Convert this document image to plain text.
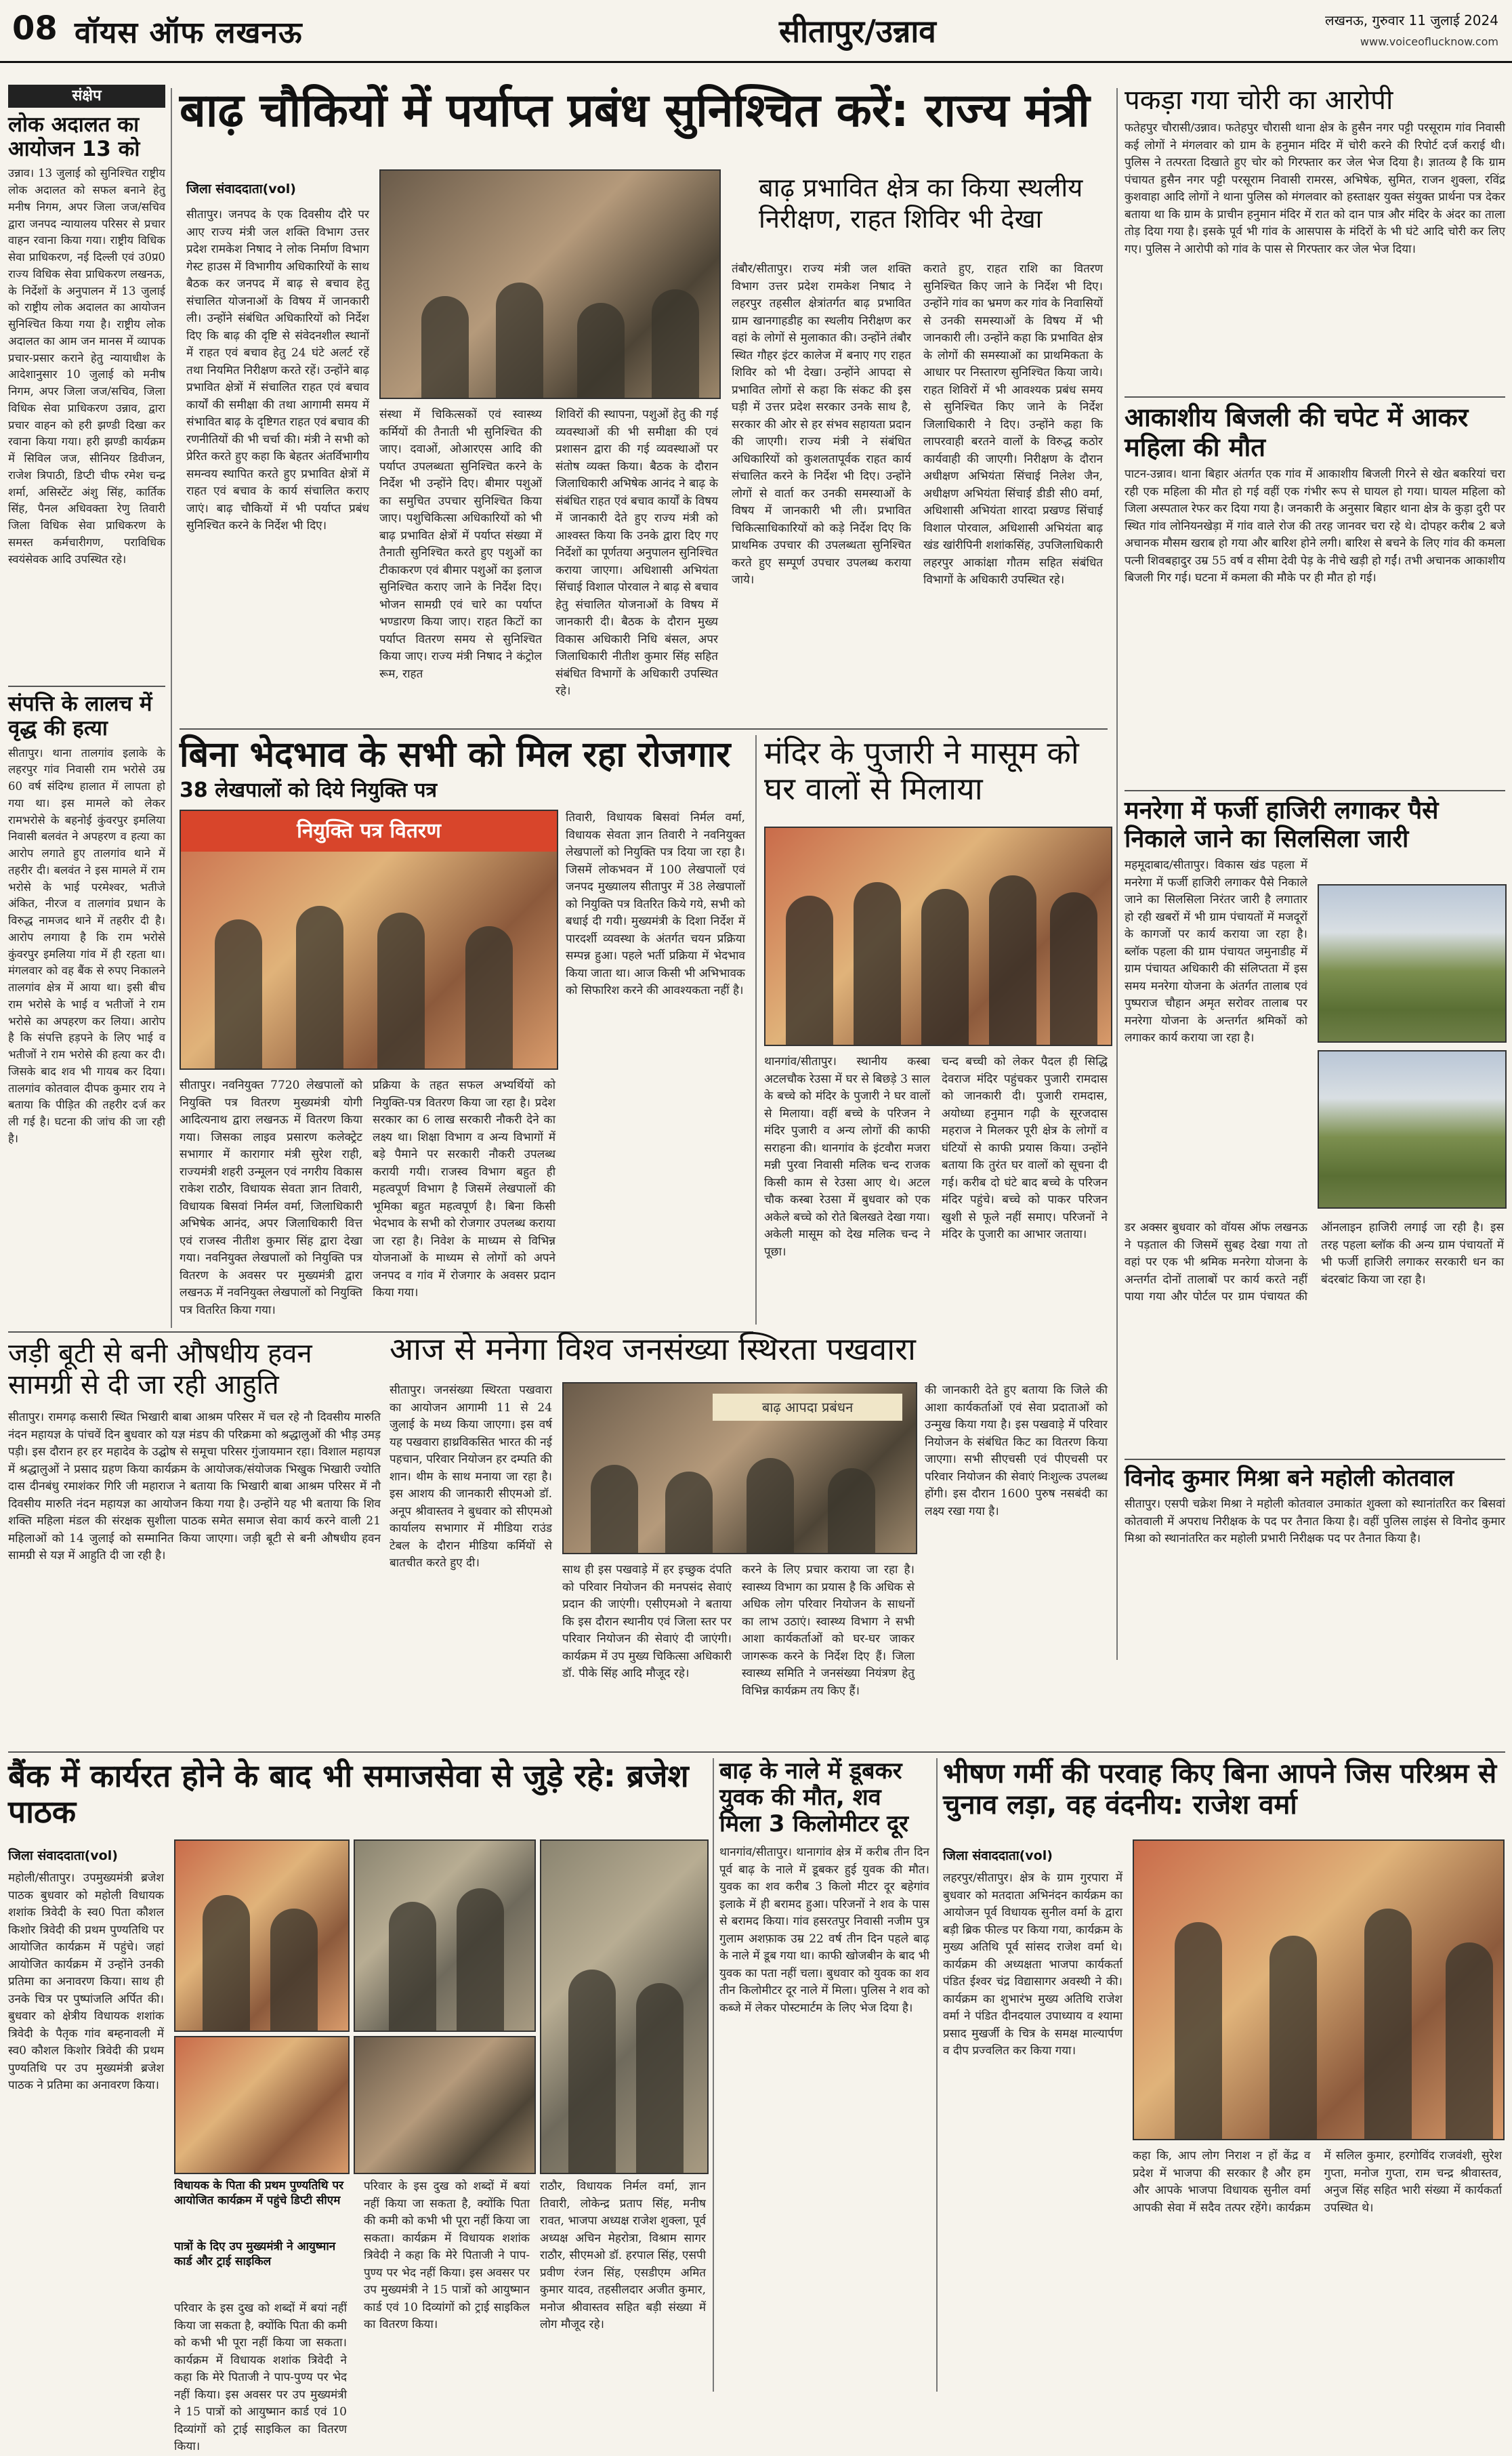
08 वॉयस ऑफ लखनऊ	सीतापुर/उन्नाव	लखनऊ, गुरुवार 11 जुलाई 2024
www.voiceoflucknow.com
संक्षेप
लोक अदालत का आयोजन 13 को
उन्नाव। 13 जुलाई को सुनिश्चित राष्ट्रीय लोक अदालत को सफल बनाने हेतु मनीष निगम, अपर जिला जज/सचिव द्वारा जनपद न्यायालय परिसर से प्रचार वाहन रवाना किया गया। राष्ट्रीय विधिक सेवा प्राधिकरण, नई दिल्ली एवं उ0प्र0 राज्य विधिक सेवा प्राधिकरण लखनऊ, के निर्देशों के अनुपालन में 13 जुलाई को राष्ट्रीय लोक अदालत का आयोजन सुनिश्चित किया गया है। राष्ट्रीय लोक अदालत का आम जन मानस में व्यापक प्रचार-प्रसार कराने हेतु न्यायाधीश के आदेशानुसार 10 जुलाई को मनीष निगम, अपर जिला जज/सचिव, जिला विधिक सेवा प्राधिकरण उन्नाव, द्वारा प्रचार वाहन को हरी झण्डी दिखा कर रवाना किया गया। हरी झण्डी कार्यक्रम में सिविल जज, सीनियर डिवीजन, राजेश त्रिपाठी, डिप्टी चीफ रमेश चन्द्र शर्मा, असिस्टेंट अंशु सिंह, कार्तिक सिंह, पैनल अधिवक्ता रेणु तिवारी जिला विधिक सेवा प्राधिकरण के समस्त कर्मचारीगण, पराविधिक स्वयंसेवक आदि उपस्थित रहे।
संपत्ति के लालच में वृद्ध की हत्या
सीतापुर। थाना तालगांव इलाके के लहरपुर गांव निवासी राम भरोसे उम्र 60 वर्ष संदिग्ध हालात में लापता हो गया था। इस मामले को लेकर रामभरोसे के बहनोई कुंवरपुर इमलिया निवासी बलवंत ने अपहरण व हत्या का आरोप लगाते हुए तालगांव थाने में तहरीर दी। बलवंत ने इस मामले में राम भरोसे के भाई परमेश्वर, भतीजे अंकित, नीरज व तालगांव प्रधान के विरुद्ध नामजद थाने में तहरीर दी है। आरोप लगाया है कि राम भरोसे कुंवरपुर इमलिया गांव में ही रहता था। मंगलवार को वह बैंक से रुपए निकालने तालगांव क्षेत्र में आया था। इसी बीच राम भरोसे के भाई व भतीजों ने राम भरोसे का अपहरण कर लिया। आरोप है कि संपत्ति हड़पने के लिए भाई व भतीजों ने राम भरोसे की हत्या कर दी। जिसके बाद शव भी गायब कर दिया। तालगांव कोतवाल दीपक कुमार राय ने बताया कि पीड़ित की तहरीर दर्ज कर ली गई है। घटना की जांच की जा रही है।
बाढ़ चौकियों में पर्याप्त प्रबंध सुनिश्चित करें: राज्य मंत्री
जिला संवाददाता(vol)	बाढ़ प्रभावित क्षेत्र का किया स्थलीय निरीक्षण, राहत शिविर भी देखा
सीतापुर। जनपद के एक दिवसीय दौरे पर आए राज्य मंत्री जल शक्ति विभाग उत्तर प्रदेश रामकेश निषाद ने लोक निर्माण विभाग गेस्ट हाउस में विभागीय अधिकारियों के साथ बैठक कर जनपद में बाढ़ से बचाव हेतु संचालित योजनाओं के विषय में जानकारी ली। उन्होंने संबंधित अधिकारियों को निर्देश दिए कि बाढ़ की दृष्टि से संवेदनशील स्थानों में राहत एवं बचाव हेतु 24 घंटे अलर्ट रहें तथा नियमित निरीक्षण करते रहें। उन्होंने बाढ़ प्रभावित क्षेत्रों में संचालित राहत एवं बचाव कार्यों की समीक्षा की तथा आगामी समय में संभावित बाढ़ के दृष्टिगत राहत एवं बचाव की रणनीतियों की भी चर्चा की। मंत्री ने सभी को प्रेरित करते हुए कहा कि बेहतर अंतर्विभागीय समन्वय स्थापित करते हुए प्रभावित क्षेत्रों में राहत एवं बचाव के कार्य संचालित कराए जाएं। बाढ़ चौकियों में भी पर्याप्त प्रबंध सुनिश्चित करने के निर्देश भी दिए।
संस्था में चिकित्सकों एवं स्वास्थ्य कर्मियों की तैनाती भी सुनिश्चित की जाए। दवाओं, ओआरएस आदि की पर्याप्त उपलब्धता सुनिश्चित करने के निर्देश भी उन्होंने दिए। बीमार पशुओं का समुचित उपचार सुनिश्चित किया जाए। पशुचिकित्सा अधिकारियों को भी बाढ़ प्रभावित क्षेत्रों में पर्याप्त संख्या में तैनाती सुनिश्चित करते हुए पशुओं का टीकाकरण एवं बीमार पशुओं का इलाज सुनिश्चित कराए जाने के निर्देश दिए। भोजन सामग्री एवं चारे का पर्याप्त भण्डारण किया जाए। राहत किटों का पर्याप्त वितरण समय से सुनिश्चित किया जाए। राज्य मंत्री निषाद ने कंट्रोल रूम, राहत
शिविरों की स्थापना, पशुओं हेतु की गई व्यवस्थाओं की भी समीक्षा की एवं प्रशासन द्वारा की गई व्यवस्थाओं पर संतोष व्यक्त किया। बैठक के दौरान जिलाधिकारी अभिषेक आनंद ने बाढ़ के संबंधित राहत एवं बचाव कार्यों के विषय में जानकारी देते हुए राज्य मंत्री को आश्वस्त किया कि उनके द्वारा दिए गए निर्देशों का पूर्णतया अनुपालन सुनिश्चित कराया जाएगा। अधिशासी अभियंता सिंचाई विशाल पोरवाल ने बाढ़ से बचाव हेतु संचालित योजनाओं के विषय में जानकारी दी। बैठक के दौरान मुख्य विकास अधिकारी निधि बंसल, अपर जिलाधिकारी नीतीश कुमार सिंह सहित संबंधित विभागों के अधिकारी उपस्थित रहे।
तंबौर/सीतापुर। राज्य मंत्री जल शक्ति विभाग उत्तर प्रदेश रामकेश निषाद ने लहरपुर तहसील क्षेत्रांतर्गत बाढ़ प्रभावित ग्राम खानगाहडीह का स्थलीय निरीक्षण कर वहां के लोगों से मुलाकात की। उन्होंने तंबौर स्थित गौहर इंटर कालेज में बनाए गए राहत शिविर को भी देखा। उन्होंने आपदा से प्रभावित लोगों से कहा कि संकट की इस घड़ी में उत्तर प्रदेश सरकार उनके साथ है, सरकार की ओर से हर संभव सहायता प्रदान की जाएगी। राज्य मंत्री ने संबंधित अधिकारियों को कुशलतापूर्वक राहत कार्य संचालित करने के निर्देश भी दिए। उन्होंने लोगों से वार्ता कर उनकी समस्याओं के विषय में जानकारी भी ली। प्रभावित चिकित्साधिकारियों को कड़े निर्देश दिए कि प्राथमिक उपचार की उपलब्धता सुनिश्चित करते हुए सम्पूर्ण उपचार उपलब्ध कराया जाये।
कराते हुए, राहत राशि का वितरण सुनिश्चित किए जाने के निर्देश भी दिए। उन्होंने गांव का भ्रमण कर गांव के निवासियों से उनकी समस्याओं के विषय में भी जानकारी ली। उन्होंने कहा कि प्रभावित क्षेत्र के लोगों की समस्याओं का प्राथमिकता के आधार पर निस्तारण सुनिश्चित किया जाये। राहत शिविरों में भी आवश्यक प्रबंध समय से सुनिश्चित किए जाने के निर्देश जिलाधिकारी ने दिए। उन्होंने कहा कि लापरवाही बरतने वालों के विरुद्ध कठोर कार्यवाही की जाएगी। निरीक्षण के दौरान अधीक्षण अभियंता सिंचाई निलेश जैन, अधीक्षण अभियंता सिंचाई डीडी सी0 वर्मा, अधिशासी अभियंता शारदा प्रखण्ड सिंचाई विशाल पोरवाल, अधिशासी अभियंता बाढ़ खंड खांरीपिनी शशांकसिंह, उपजिलाधिकारी लहरपुर आकांक्षा गौतम सहित संबंधित विभागों के अधिकारी उपस्थित रहे।
बिना भेदभाव के सभी को मिल रहा रोजगार
38 लेखपालों को दिये नियुक्ति पत्र
नियुक्ति पत्र वितरण
तिवारी, विधायक बिसवां निर्मल वर्मा, विधायक सेवता ज्ञान तिवारी ने नवनियुक्त लेखपालों को नियुक्ति पत्र दिया जा रहा है। जिसमें लोकभवन में 100 लेखपालों एवं जनपद मुख्यालय सीतापुर में 38 लेखपालों को नियुक्ति पत्र वितरित किये गये, सभी को बधाई दी गयी। मुख्यमंत्री के दिशा निर्देश में पारदर्शी व्यवस्था के अंतर्गत चयन प्रक्रिया सम्पन्न हुआ। पहले भर्ती प्रक्रिया में भेदभाव किया जाता था। आज किसी भी अभिभावक को सिफारिश करने की आवश्यकता नहीं है।
सीतापुर। नवनियुक्त 7720 लेखपालों को नियुक्ति पत्र वितरण मुख्यमंत्री योगी आदित्यनाथ द्वारा लखनऊ में वितरण किया गया। जिसका लाइव प्रसारण कलेक्ट्रेट सभागार में कारागार मंत्री सुरेश राही, राज्यमंत्री शहरी उन्मूलन एवं नगरीय विकास राकेश राठौर, विधायक सेवता ज्ञान तिवारी, विधायक बिसवां निर्मल वर्मा, जिलाधिकारी अभिषेक आनंद, अपर जिलाधिकारी वित्त एवं राजस्व नीतीश कुमार सिंह द्वारा देखा गया। नवनियुक्त लेखपालों को नियुक्ति पत्र वितरण के अवसर पर मुख्यमंत्री द्वारा लखनऊ में नवनियुक्त लेखपालों को नियुक्ति पत्र वितरित किया गया।
प्रक्रिया के तहत सफल अभ्यर्थियों को नियुक्ति-पत्र वितरण किया जा रहा है। प्रदेश सरकार का 6 लाख सरकारी नौकरी देने का लक्ष्य था। शिक्षा विभाग व अन्य विभागों में बड़े पैमाने पर सरकारी नौकरी उपलब्ध करायी गयी। राजस्व विभाग बहुत ही महत्वपूर्ण विभाग है जिसमें लेखपालों की भूमिका बहुत महत्वपूर्ण है। बिना किसी भेदभाव के सभी को रोजगार उपलब्ध कराया जा रहा है। निवेश के माध्यम से विभिन्न योजनाओं के माध्यम से लोगों को अपने जनपद व गांव में रोजगार के अवसर प्रदान किया गया।
मंदिर के पुजारी ने मासूम को घर वालों से मिलाया
थानगांव/सीतापुर। स्थानीय कस्बा अटलचौक रेउसा में घर से बिछड़े 3 साल के बच्चे को मंदिर के पुजारी ने घर वालों से मिलाया। वहीं बच्चे के परिजन ने मंदिर पुजारी व अन्य लोगों की काफी सराहना की। थानगांव के इंटवौरा मजरा मन्नी पुरवा निवासी मलिक चन्द राजक किसी काम से रेउसा आए थे। अटल चौक कस्बा रेउसा में बुधवार को एक अकेले बच्चे को रोते बिलखते देखा गया। अकेली मासूम को देख मलिक चन्द ने पूछा।
चन्द बच्ची को लेकर पैदल ही सिद्धि देवराज मंदिर पहुंचकर पुजारी रामदास को जानकारी दी। पुजारी रामदास, अयोध्या हनुमान गढ़ी के सूरजदास महराज ने मिलकर पूरी क्षेत्र के लोगों व घंटियों से काफी प्रयास किया। उन्होंने बताया कि तुरंत घर वालों को सूचना दी गई। करीब दो घंटे बाद बच्चे के परिजन मंदिर पहुंचे। बच्चे को पाकर परिजन खुशी से फूले नहीं समाए। परिजनों ने मंदिर के पुजारी का आभार जताया।
पकड़ा गया चोरी का आरोपी
फतेहपुर चौरासी/उन्नाव। फतेहपुर चौरासी थाना क्षेत्र के हुसैन नगर पट्टी परसूराम गांव निवासी कई लोगों ने मंगलवार को ग्राम के हनुमान मंदिर में चोरी करने की रिपोर्ट दर्ज कराई थी। पुलिस ने तत्परता दिखाते हुए चोर को गिरफ्तार कर जेल भेज दिया है। ज्ञातव्य है कि ग्राम पंचायत हुसैन नगर पट्टी परसूराम निवासी रामरस, अभिषेक, सुमित, राजन शुक्ला, रविंद्र कुशवाहा आदि लोगों ने थाना पुलिस को मंगलवार को हस्ताक्षर युक्त संयुक्त प्रार्थना पत्र देकर बताया था कि ग्राम के प्राचीन हनुमान मंदिर में रात को दान पात्र और मंदिर के अंदर का ताला तोड़ दिया गया है। इसके पूर्व भी गांव के आसपास के मंदिरों के भी घंटे आदि चोरी कर लिए गए। पुलिस ने आरोपी को गांव के पास से गिरफ्तार कर जेल भेज दिया।
आकाशीय बिजली की चपेट में आकर महिला की मौत
पाटन-उन्नाव। थाना बिहार अंतर्गत एक गांव में आकाशीय बिजली गिरने से खेत बकरियां चरा रही एक महिला की मौत हो गई वहीं एक गंभीर रूप से घायल हो गया। घायल महिला को जिला अस्पताल रेफर कर दिया गया है। जनकारी के अनुसार बिहार थाना क्षेत्र के कुड़ा दुरी पर स्थित गांव लोनियनखेड़ा में गांव वाले रोज की तरह जानवर चरा रहे थे। दोपहर करीब 2 बजे अचानक मौसम खराब हो गया और बारिश होने लगी। बारिश से बचने के लिए गांव की कमला पत्नी शिवबहादुर उम्र 55 वर्ष व सीमा देवी पेड़ के नीचे खड़ी हो गईं। तभी अचानक आकाशीय बिजली गिर गई। घटना में कमला की मौके पर ही मौत हो गई।
मनरेगा में फर्जी हाजिरी लगाकर पैसे निकाले जाने का सिलसिला जारी
महमूदाबाद/सीतापुर। विकास खंड पहला में मनरेगा में फर्जी हाजिरी लगाकर पैसे निकाले जाने का सिलसिला निरंतर जारी है लगातार हो रही खबरों में भी ग्राम पंचायतों में मजदूरों के कागजों पर कार्य कराया जा रहा है। ब्लॉक पहला की ग्राम पंचायत जमुनाडीह में ग्राम पंचायत अधिकारी की संलिप्तता में इस समय मनरेगा योजना के अंतर्गत तालाब एवं पुष्पराज चौहान अमृत सरोवर तालाब पर मनरेगा योजना के अन्तर्गत श्रमिकों को लगाकर कार्य कराया जा रहा है।
डर अक्सर बुधवार को वॉयस ऑफ लखनऊ ने पड़ताल की जिसमें सुबह देखा गया तो वहां पर एक भी श्रमिक मनरेगा योजना के अन्तर्गत दोनों तालाबों पर कार्य करते नहीं पाया गया और पोर्टल पर ग्राम पंचायत की ऑनलाइन हाजिरी लगाई जा रही है। इस तरह पहला ब्लॉक की अन्य ग्राम पंचायतों में भी फर्जी हाजिरी लगाकर सरकारी धन का बंदरबांट किया जा रहा है।
विनोद कुमार मिश्रा बने महोली कोतवाल
सीतापुर। एसपी चक्रेश मिश्रा ने महोली कोतवाल उमाकांत शुक्ला को स्थानांतरित कर बिसवां कोतवाली में अपराध निरीक्षक के पद पर तैनात किया है। वहीं पुलिस लाइंस से विनोद कुमार मिश्रा को स्थानांतरित कर महोली प्रभारी निरीक्षक पद पर तैनात किया है।
जड़ी बूटी से बनी औषधीय हवन सामग्री से दी जा रही आहुति
सीतापुर। रामगढ़ कसारी स्थित भिखारी बाबा आश्रम परिसर में चल रहे नौ दिवसीय मारुति नंदन महायज्ञ के पांचवें दिन बुधवार को यज्ञ मंडप की परिक्रमा को श्रद्धालुओं की भीड़ उमड़ पड़ी। इस दौरान हर हर महादेव के उद्घोष से समूचा परिसर गुंजायमान रहा। विशाल महायज्ञ में श्रद्धालुओं ने प्रसाद ग्रहण किया कार्यक्रम के आयोजक/संयोजक भिखुक भिखारी ज्योति दास दीनबंधु रमाशंकर गिरि जी महाराज ने बताया कि भिखारी बाबा आश्रम परिसर में नौ दिवसीय मारुति नंदन महायज्ञ का आयोजन किया गया है। उन्होंने यह भी बताया कि शिव शक्ति महिला मंडल की संरक्षक सुशीला पाठक समेत समाज सेवा कार्य करने वाली 21 महिलाओं को 14 जुलाई को सम्मानित किया जाएगा। जड़ी बूटी से बनी औषधीय हवन सामग्री से यज्ञ में आहुति दी जा रही है।
आज से मनेगा विश्व जनसंख्या स्थिरता पखवारा
सीतापुर। जनसंख्या स्थिरता पखवारा का आयोजन आगामी 11 से 24 जुलाई के मध्य किया जाएगा। इस वर्ष यह पखवारा हाथ्रविकसित भारत की नई पहचान, परिवार नियोजन हर दम्पति की शान। थीम के साथ मनाया जा रहा है। इस आशय की जानकारी सीएमओ डॉ. अनूप श्रीवास्तव ने बुधवार को सीएमओ कार्यालय सभागार में मीडिया राउंड टेबल के दौरान मीडिया कर्मियों से बातचीत करते हुए दी।
बाढ़ आपदा प्रबंधन
साथ ही इस पखवाड़े में हर इच्छुक दंपति को परिवार नियोजन की मनपसंद सेवाएं प्रदान की जाएंगी। एसीएमओ ने बताया कि इस दौरान स्थानीय एवं जिला स्तर पर परिवार नियोजन की सेवाएं दी जाएंगी। कार्यक्रम में उप मुख्य चिकित्सा अधिकारी डॉ. पीके सिंह आदि मौजूद रहे।
करने के लिए प्रचार कराया जा रहा है। स्वास्थ्य विभाग का प्रयास है कि अधिक से अधिक लोग परिवार नियोजन के साधनों का लाभ उठाएं। स्वास्थ्य विभाग ने सभी आशा कार्यकर्ताओं को घर-घर जाकर जागरूक करने के निर्देश दिए हैं। जिला स्वास्थ्य समिति ने जनसंख्या नियंत्रण हेतु विभिन्न कार्यक्रम तय किए हैं।
की जानकारी देते हुए बताया कि जिले की आशा कार्यकर्ताओं एवं सेवा प्रदाताओं को उन्मुख किया गया है। इस पखवाड़े में परिवार नियोजन के संबंधित किट का वितरण किया जाएगा। सभी सीएचसी एवं पीएचसी पर परिवार नियोजन की सेवाएं निःशुल्क उपलब्ध होंगी। इस दौरान 1600 पुरुष नसबंदी का लक्ष्य रखा गया है।
बैंक में कार्यरत होने के बाद भी समाजसेवा से जुड़े रहे: ब्रजेश पाठक
जिला संवाददाता(vol)
महोली/सीतापुर। उपमुख्यमंत्री ब्रजेश पाठक बुधवार को महोली विधायक शशांक त्रिवेदी के स्व0 पिता कौशल किशोर त्रिवेदी की प्रथम पुण्यतिथि पर आयोजित कार्यक्रम में पहुंचे। जहां आयोजित कार्यक्रम में उन्होंने उनकी प्रतिमा का अनावरण किया। साथ ही उनके चित्र पर पुष्पांजलि अर्पित की। बुधवार को क्षेत्रीय विधायक शशांक त्रिवेदी के पैतृक गांव बम्हनावली में स्व0 कौशल किशोर त्रिवेदी की प्रथम पुण्यतिथि पर उप मुख्यमंत्री ब्रजेश पाठक ने प्रतिमा का अनावरण किया।
विधायक के पिता की प्रथम पुण्यतिथि पर आयोजित कार्यक्रम में पहुंचे डिप्टी सीएम
पात्रों के दिए उप मुख्यमंत्री ने आयुष्मान कार्ड और ट्राई साइकिल
परिवार के इस दुख को शब्दों में बयां नहीं किया जा सकता है, क्योंकि पिता की कमी को कभी भी पूरा नहीं किया जा सकता। कार्यक्रम में विधायक शशांक त्रिवेदी ने कहा कि मेरे पिताजी ने पाप-पुण्य पर भेद नहीं किया। इस अवसर पर उप मुख्यमंत्री ने 15 पात्रों को आयुष्मान कार्ड एवं 10 दिव्यांगों को ट्राई साइकिल का वितरण किया।
परिवार के इस दुख को शब्दों में बयां नहीं किया जा सकता है, क्योंकि पिता की कमी को कभी भी पूरा नहीं किया जा सकता। कार्यक्रम में विधायक शशांक त्रिवेदी ने कहा कि मेरे पिताजी ने पाप-पुण्य पर भेद नहीं किया। इस अवसर पर उप मुख्यमंत्री ने 15 पात्रों को आयुष्मान कार्ड एवं 10 दिव्यांगों को ट्राई साइकिल का वितरण किया।
राठौर, विधायक निर्मल वर्मा, ज्ञान तिवारी, लोकेन्द्र प्रताप सिंह, मनीष रावत, भाजपा अध्यक्ष राजेश शुक्ला, पूर्व अध्यक्ष अचिन मेहरोत्रा, विश्राम सागर राठौर, सीएमओ डॉ. हरपाल सिंह, एसपी प्रवीण रंजन सिंह, एसडीएम अमित कुमार यादव, तहसीलदार अजीत कुमार, मनोज श्रीवास्तव सहित बड़ी संख्या में लोग मौजूद रहे।
बाढ़ के नाले में डूबकर युवक की मौत, शव मिला 3 किलोमीटर दूर
थानगांव/सीतापुर। थानागांव क्षेत्र में करीब तीन दिन पूर्व बाढ़ के नाले में डूबकर हुई युवक की मौत। युवक का शव करीब 3 किलो मीटर दूर बहेगांव इलाके में ही बरामद हुआ। परिजनों ने शव के पास से बरामद किया। गांव हसरतपुर निवासी नजीम पुत्र गुलाम अशफ़ाक उम्र 22 वर्ष तीन दिन पहले बाढ़ के नाले में डूब गया था। काफी खोजबीन के बाद भी युवक का पता नहीं चला। बुधवार को युवक का शव तीन किलोमीटर दूर नाले में मिला। पुलिस ने शव को कब्जे में लेकर पोस्टमार्टम के लिए भेज दिया है।
भीषण गर्मी की परवाह किए बिना आपने जिस परिश्रम से चुनाव लड़ा, वह वंदनीय: राजेश वर्मा
जिला संवाददाता(vol)
लहरपुर/सीतापुर। क्षेत्र के ग्राम गुरपारा में बुधवार को मतदाता अभिनंदन कार्यक्रम का आयोजन पूर्व विधायक सुनील वर्मा के द्वारा बड़ी ब्रिक फील्ड पर किया गया, कार्यक्रम के मुख्य अतिथि पूर्व सांसद राजेश वर्मा थे। कार्यक्रम की अध्यक्षता भाजपा कार्यकर्ता पंडित ईश्वर चंद्र विद्यासागर अवस्थी ने की। कार्यक्रम का शुभारंभ मुख्य अतिथि राजेश वर्मा ने पंडित दीनदयाल उपाध्याय व श्यामा प्रसाद मुखर्जी के चित्र के समक्ष माल्यार्पण व दीप प्रज्वलित कर किया गया।
कहा कि, आप लोग निराश न हों केंद्र व प्रदेश में भाजपा की सरकार है और हम और आपके भाजपा विधायक सुनील वर्मा आपकी सेवा में सदैव तत्पर रहेंगे। कार्यक्रम में सलिल कुमार, हरगोविंद राजवंशी, सुरेश गुप्ता, मनोज गुप्ता, राम चन्द्र श्रीवास्तव, अनुज सिंह सहित भारी संख्या में कार्यकर्ता उपस्थित थे।
